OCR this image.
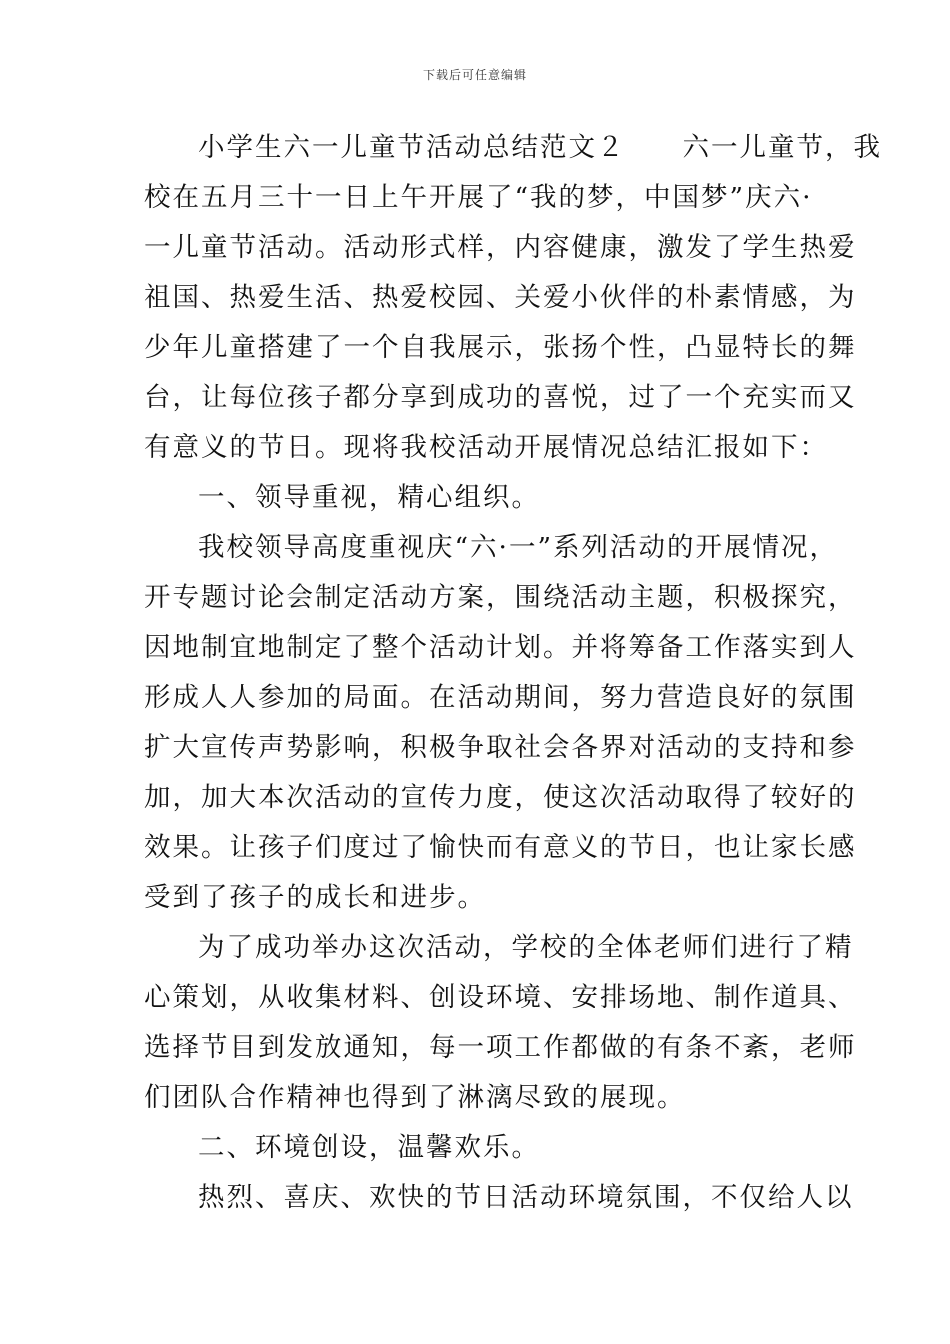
下载后可任意编辑
小学生六一儿童节活动总结范文２　　六一儿童节，我
校在五月三十一日上午开展了“我的梦，中国梦”庆六·
一儿童节活动。活动形式样，内容健康，激发了学生热爱
祖国、热爱生活、热爱校园、关爱小伙伴的朴素情感，为
少年儿童搭建了一个自我展示，张扬个性，凸显特长的舞
台，让每位孩子都分享到成功的喜悦，过了一个充实而又
有意义的节日。现将我校活动开展情况总结汇报如下：
一、领导重视，精心组织。
我校领导高度重视庆“六·一”系列活动的开展情况，
开专题讨论会制定活动方案，围绕活动主题，积极探究，
因地制宜地制定了整个活动计划。并将筹备工作落实到人
形成人人参加的局面。在活动期间，努力营造良好的氛围
扩大宣传声势影响，积极争取社会各界对活动的支持和参
加，加大本次活动的宣传力度，使这次活动取得了较好的
效果。让孩子们度过了愉快而有意义的节日，也让家长感
受到了孩子的成长和进步。
为了成功举办这次活动，学校的全体老师们进行了精
心策划，从收集材料、创设环境、安排场地、制作道具、
选择节目到发放通知，每一项工作都做的有条不紊，老师
们团队合作精神也得到了淋漓尽致的展现。
二、环境创设，温馨欢乐。
热烈、喜庆、欢快的节日活动环境氛围，不仅给人以
